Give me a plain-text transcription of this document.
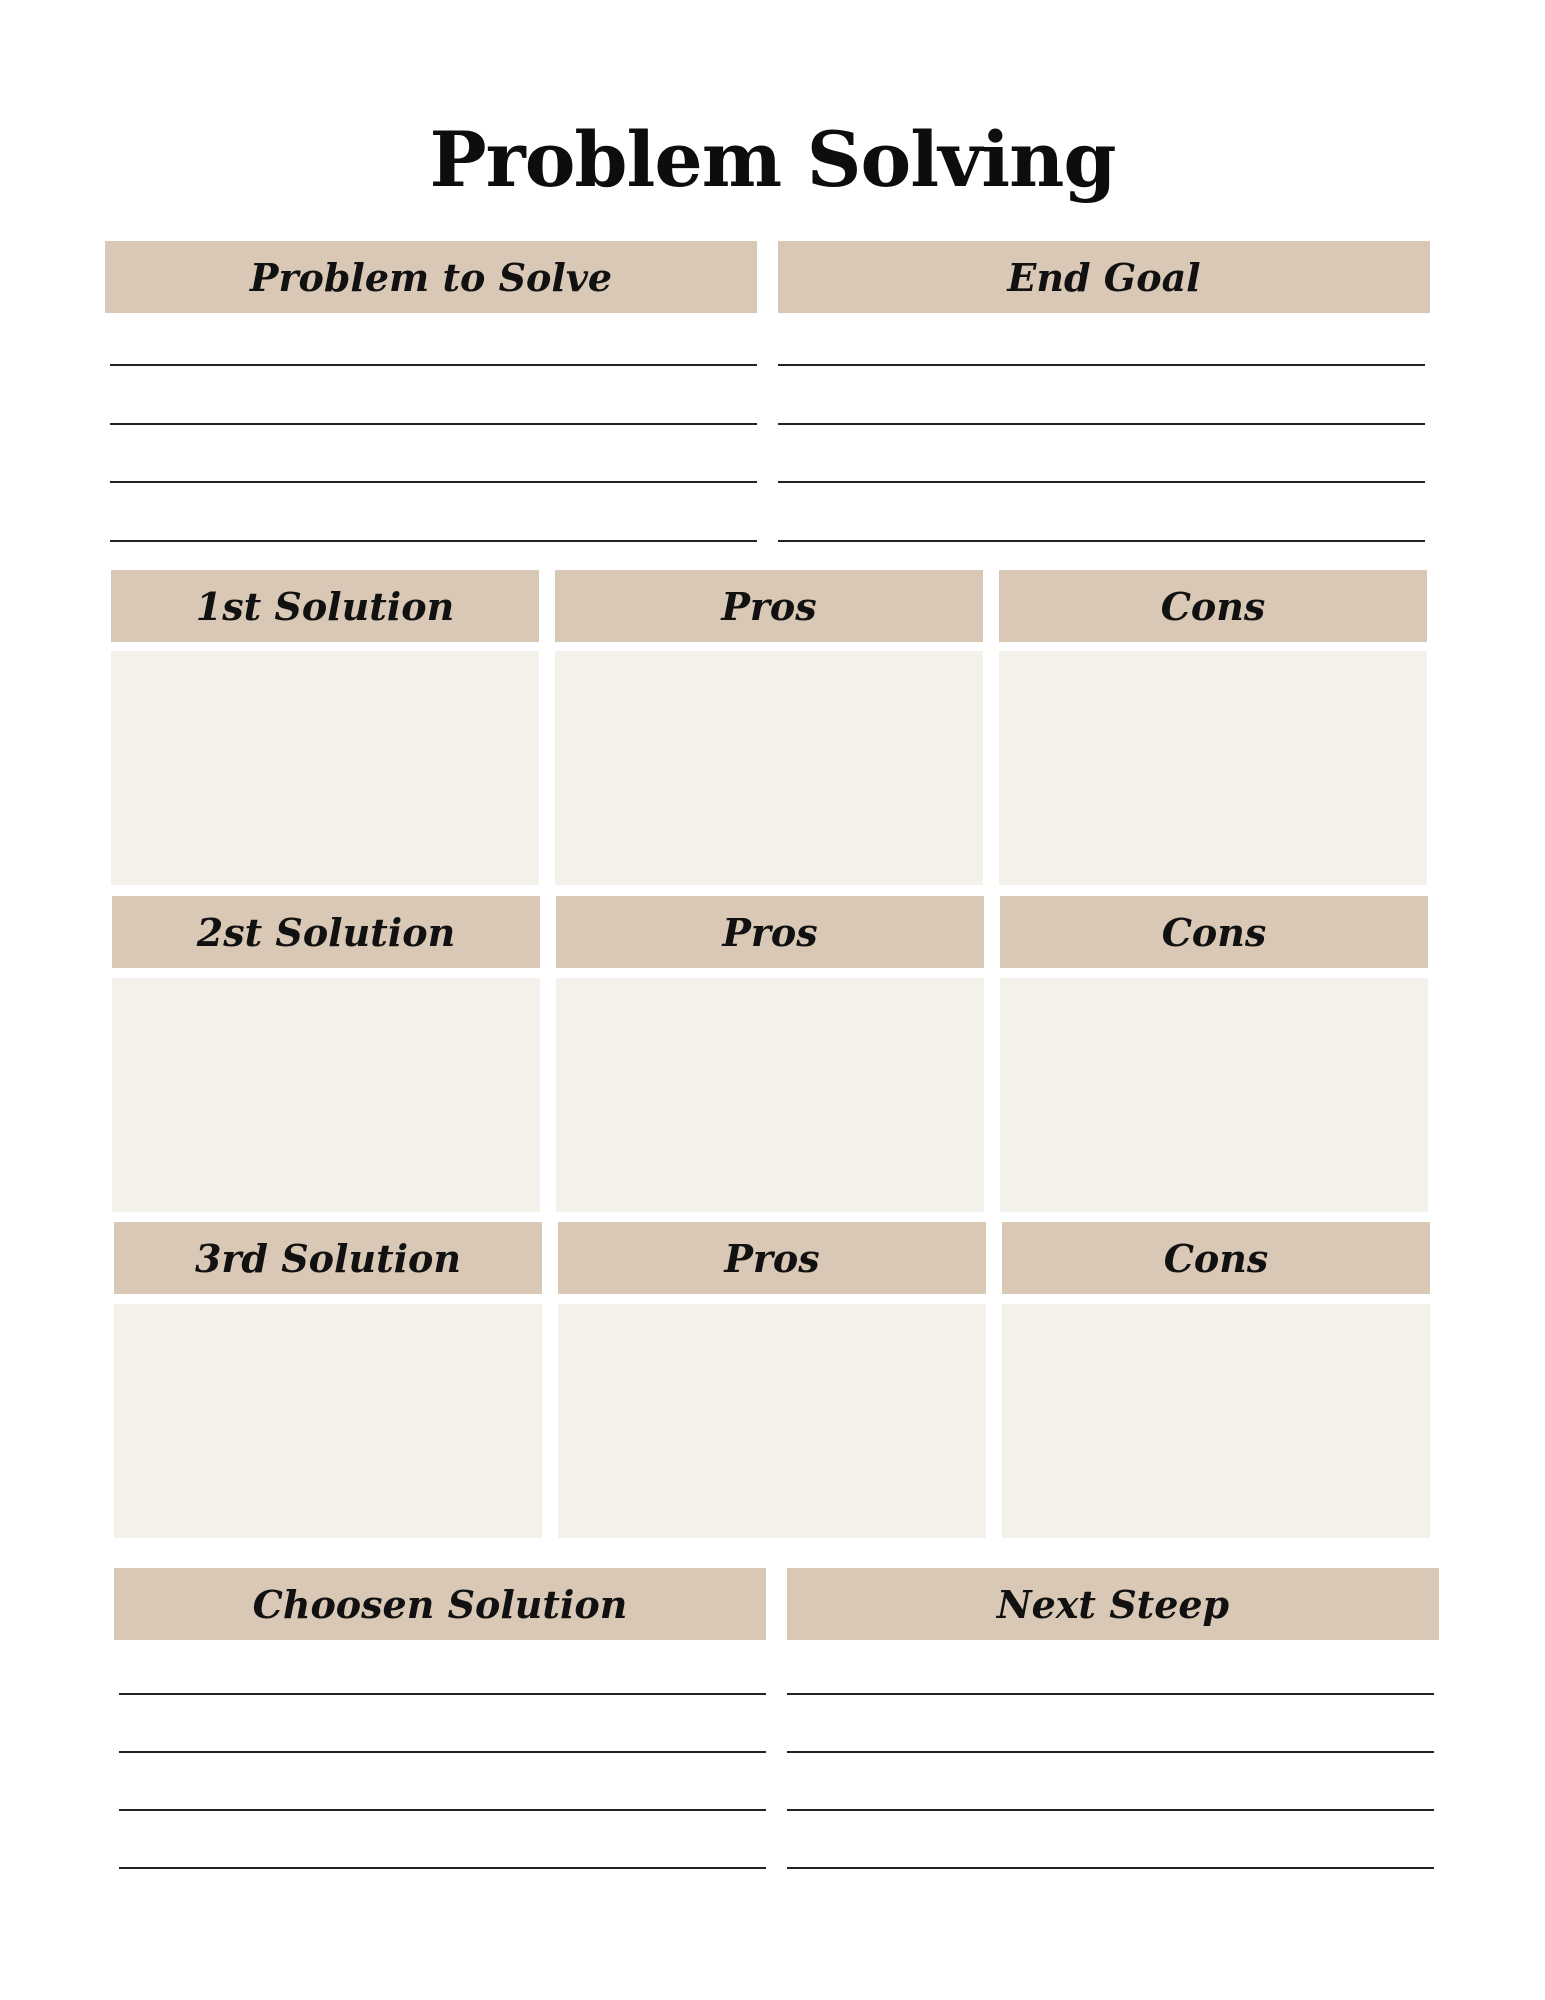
Problem Solving
Problem to Solve	End Goal
1st Solution	Pros	Cons
2st Solution	Pros	Cons
3rd Solution	Pros	Cons
Choosen Solution	Next Steep
